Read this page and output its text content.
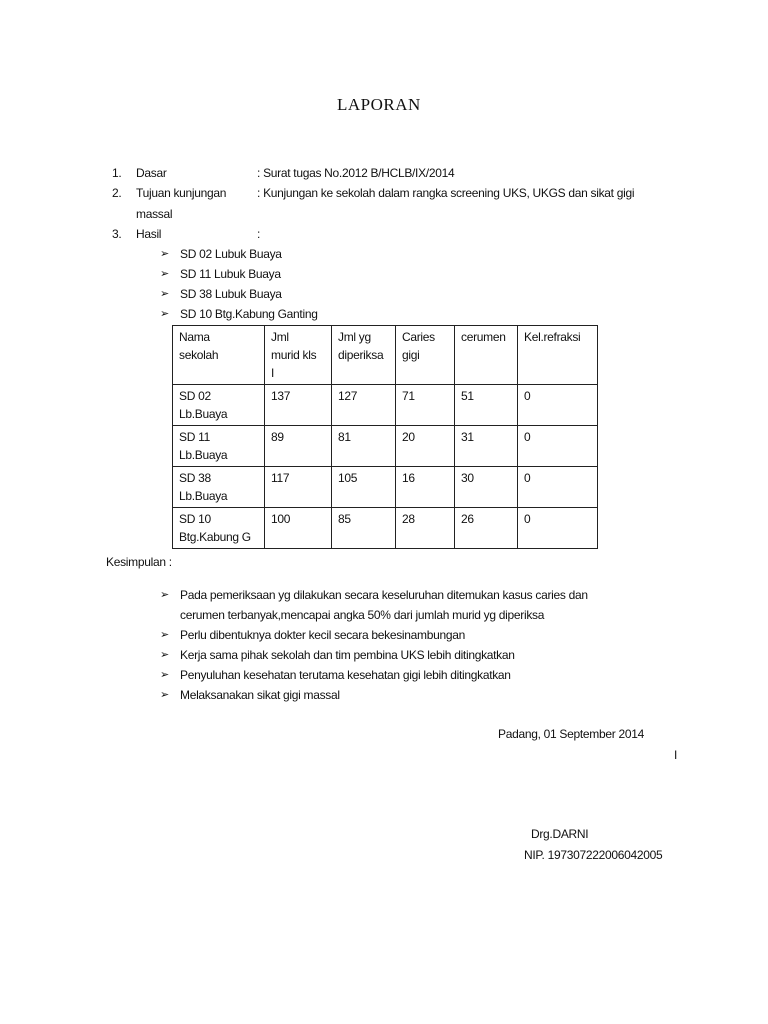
LAPORAN
1. Dasar	: Surat tugas No.2012 B/HCLB/IX/2014
2. Tujuan kunjungan	: Kunjungan ke sekolah dalam rangka screening UKS, UKGS dan sikat gigi
massal
3. Hasil	:
➢ SD 02 Lubuk Buaya
➢ SD 11 Lubuk Buaya
➢ SD 38 Lubuk Buaya
➢ SD 10 Btg.Kabung Ganting
Nama
sekolah	Jml
murid kls
I	Jml yg
diperiksa	Caries
gigi	cerumen	Kel.refraksi
SD 02
Lb.Buaya	137	127	71	51	0
SD 11
Lb.Buaya	89	81	20	31	0
SD 38
Lb.Buaya	117	105	16	30	0
SD 10
Btg.Kabung G	100	85	28	26	0
Kesimpulan :
➢ Pada pemeriksaan yg dilakukan secara keseluruhan ditemukan kasus caries dan
cerumen terbanyak,mencapai angka 50% dari jumlah murid yg diperiksa
➢ Perlu dibentuknya dokter kecil secara bekesinambungan
➢ Kerja sama pihak sekolah dan tim pembina UKS lebih ditingkatkan
➢ Penyuluhan kesehatan terutama kesehatan gigi lebih ditingkatkan
➢ Melaksanakan sikat gigi massal
Padang, 01 September 2014
I
Drg.DARNI
NIP. 197307222006042005
